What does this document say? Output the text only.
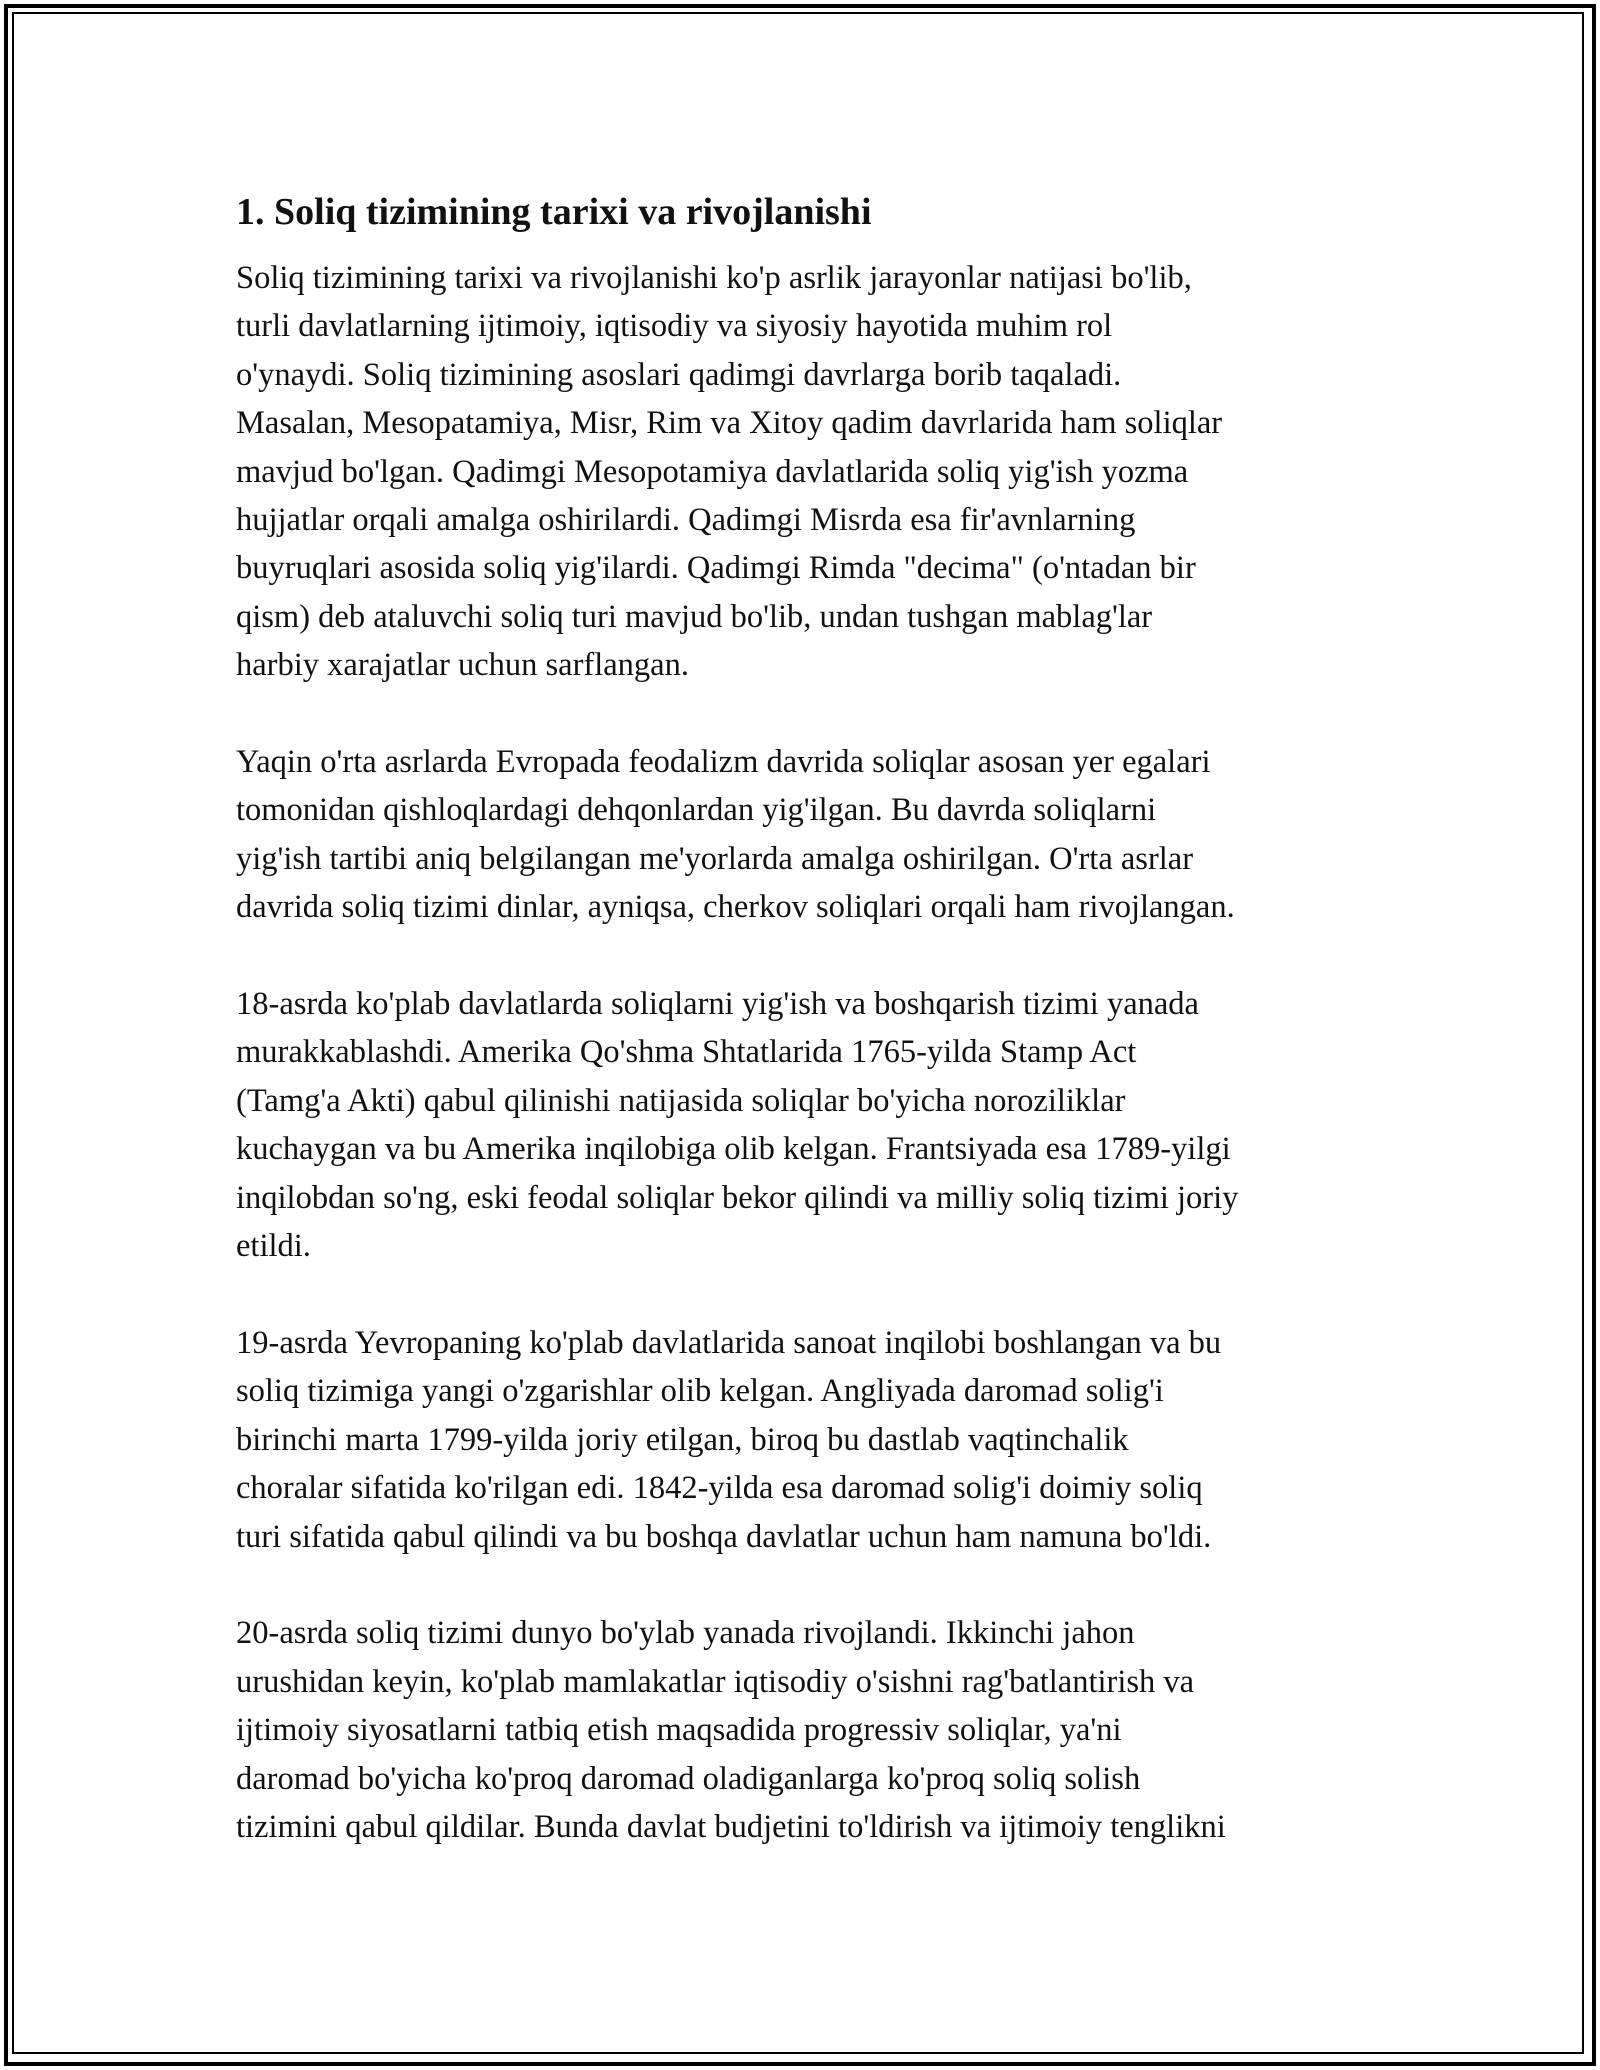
1. Soliq tizimining tarixi va rivojlanishi

Soliq tizimining tarixi va rivojlanishi ko'p asrlik jarayonlar natijasi bo'lib,
turli davlatlarning ijtimoiy, iqtisodiy va siyosiy hayotida muhim rol
o'ynaydi. Soliq tizimining asoslari qadimgi davrlarga borib taqaladi.
Masalan, Mesopatamiya, Misr, Rim va Xitoy qadim davrlarida ham soliqlar
mavjud bo'lgan. Qadimgi Mesopotamiya davlatlarida soliq yig'ish yozma
hujjatlar orqali amalga oshirilardi. Qadimgi Misrda esa fir'avnlarning
buyruqlari asosida soliq yig'ilardi. Qadimgi Rimda "decima" (o'ntadan bir
qism) deb ataluvchi soliq turi mavjud bo'lib, undan tushgan mablag'lar
harbiy xarajatlar uchun sarflangan.

Yaqin o'rta asrlarda Evropada feodalizm davrida soliqlar asosan yer egalari
tomonidan qishloqlardagi dehqonlardan yig'ilgan. Bu davrda soliqlarni
yig'ish tartibi aniq belgilangan me'yorlarda amalga oshirilgan. O'rta asrlar
davrida soliq tizimi dinlar, ayniqsa, cherkov soliqlari orqali ham rivojlangan.

18-asrda ko'plab davlatlarda soliqlarni yig'ish va boshqarish tizimi yanada
murakkablashdi. Amerika Qo'shma Shtatlarida 1765-yilda Stamp Act
(Tamg'a Akti) qabul qilinishi natijasida soliqlar bo'yicha noroziliklar
kuchaygan va bu Amerika inqilobiga olib kelgan. Frantsiyada esa 1789-yilgi
inqilobdan so'ng, eski feodal soliqlar bekor qilindi va milliy soliq tizimi joriy
etildi.

19-asrda Yevropaning ko'plab davlatlarida sanoat inqilobi boshlangan va bu
soliq tizimiga yangi o'zgarishlar olib kelgan. Angliyada daromad solig'i
birinchi marta 1799-yilda joriy etilgan, biroq bu dastlab vaqtinchalik
choralar sifatida ko'rilgan edi. 1842-yilda esa daromad solig'i doimiy soliq
turi sifatida qabul qilindi va bu boshqa davlatlar uchun ham namuna bo'ldi.

20-asrda soliq tizimi dunyo bo'ylab yanada rivojlandi. Ikkinchi jahon
urushidan keyin, ko'plab mamlakatlar iqtisodiy o'sishni rag'batlantirish va
ijtimoiy siyosatlarni tatbiq etish maqsadida progressiv soliqlar, ya'ni
daromad bo'yicha ko'proq daromad oladiganlarga ko'proq soliq solish
tizimini qabul qildilar. Bunda davlat budjetini to'ldirish va ijtimoiy tenglikni
